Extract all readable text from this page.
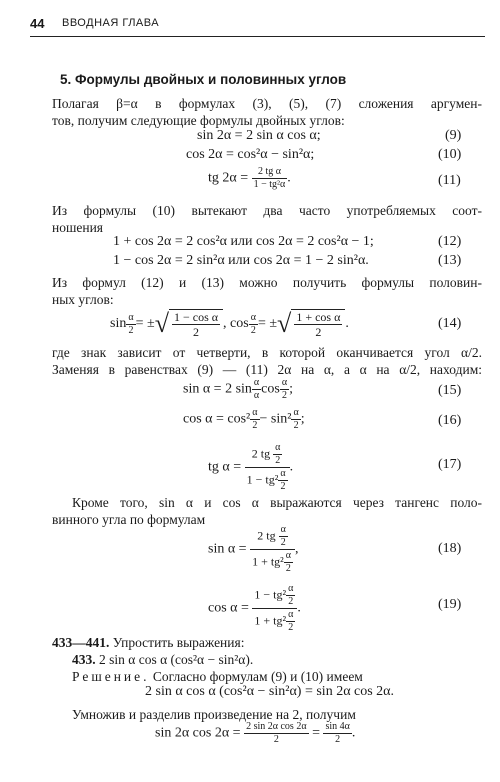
44 ВВОДНАЯ ГЛАВА
5. Формулы двойных и половинных углов
Полагая β=α в формулах (3), (5), (7) сложения аргумен-
тов, получим следующие формулы двойных углов:
sin 2α = 2 sin α cos α;	(9)
cos 2α = cos²α − sin²α;	(10)
tg $2\alpha = \frac{\text{2 tg α}}{\text{1 − tg²α}}$ .	(11)
Из формулы (10) вытекают два часто употребляемых соот-
ношения
1 + cos 2α = 2 cos²α или cos 2α = 2 cos²α − 1;	(12)
1 − cos 2α = 2 sin²α или cos 2α = 1 − 2 sin²α.	(13)
Из формул (12) и (13) можно получить формулы половин-
ных углов:
$\sin \frac{\alpha}{2}$ = ±√ $\frac{\text{1 − cos α}}{2}$ , $\cos \frac{\alpha}{2}$ = ±√ $\frac{\text{1 + cos α}}{2}$ .	(14)
где знак зависит от четверти, в которой оканчивается угол α/2.
Заменяя в равенствах (9) — (11) 2α на α, а α на α/2, находим:
sin α = 2 $\sin \frac{\alpha}{\alpha}$ $\cos \frac{\alpha}{2}$ ;	(15)
$\cos \alpha = \cos^2 \frac{\alpha}{2} - \sin^2 \frac{\alpha}{2}$ ;	(16)
tg $\alpha = \frac{2 tg \frac{\alpha}{2}}{1 - tg^2 \frac{\alpha}{2}}$ .	(17)
Кроме того, sin α и cos α выражаются через тангенс поло-
винного угла по формулам
$\sin \alpha = \frac{2 tg \frac{\alpha}{2}}{1 + tg^2 \frac{\alpha}{2}}$ ,	(18)
$\cos \alpha = \frac{1 - tg^2 \frac{\alpha}{2}}{1 + tg^2 \frac{\alpha}{2}}$ .	(19)
433—441. Упростить выражения:
433. 2 sin α cos α (cos²α − sin²α).
Решение. Согласно формулам (9) и (10) имеем
2 sin α cos α (cos²α − sin²α) = sin 2α cos 2α.
Умножив и разделив произведение на 2, получим
sin 2α $\cos 2\alpha = \frac{\text{2 sin 2α cos 2α}}{2} = \frac{\sin 4\alpha}{2}$ .
